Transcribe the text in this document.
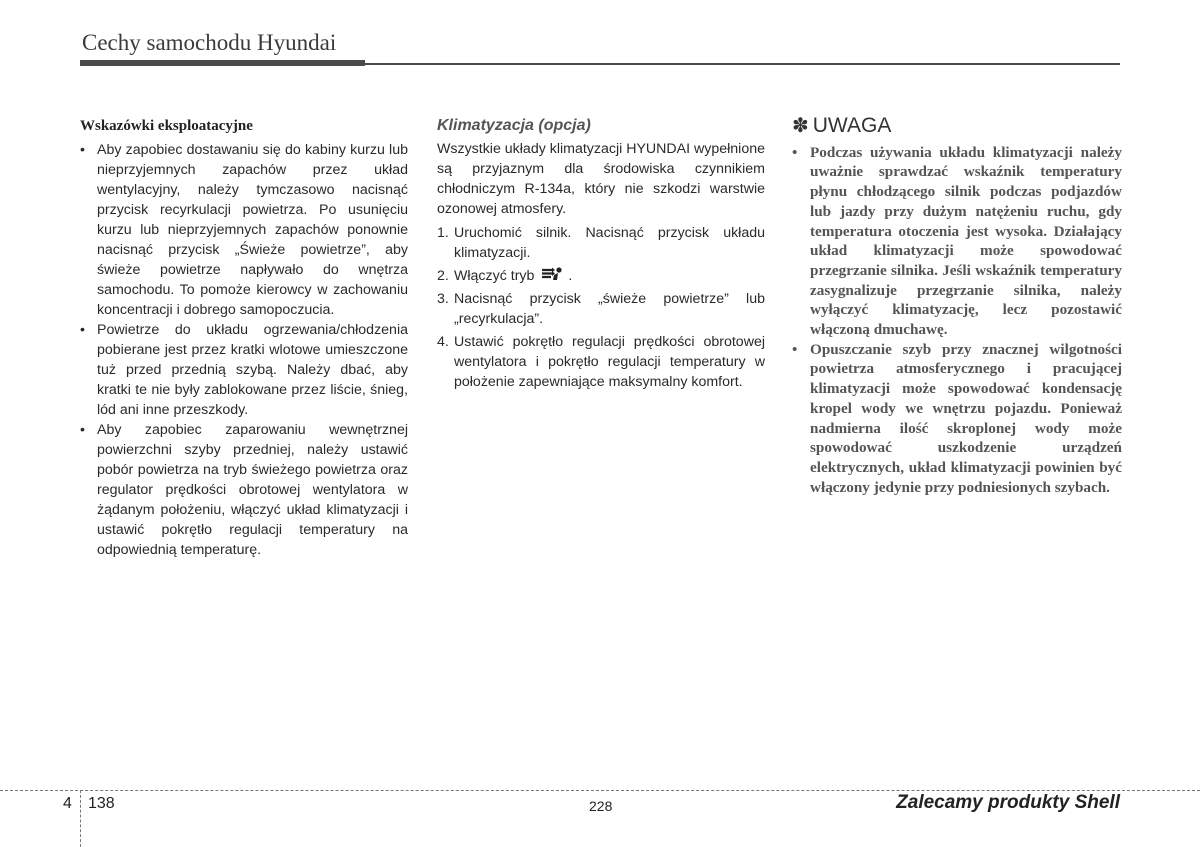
Cechy samochodu Hyundai
Wskazówki eksploatacyjne
• Aby zapobiec dostawaniu się do kabiny kurzu lub nieprzyjemnych zapachów przez układ wentylacyjny, należy tymczasowo nacisnąć przycisk recyrkulacji powietrza. Po usunięciu kurzu lub nieprzyjemnych zapachów ponownie nacisnąć przycisk „Świeże powietrze”, aby świeże powietrze napływało do wnętrza samochodu. To pomoże kierowcy w zachowaniu koncentracji i dobrego samopoczucia.
• Powietrze do układu ogrzewania/chłodzenia pobierane jest przez kratki wlotowe umieszczone tuż przed przednią szybą. Należy dbać, aby kratki te nie były zablokowane przez liście, śnieg, lód ani inne przeszkody.
• Aby zapobiec zaparowaniu wewnętrznej powierzchni szyby przedniej, należy ustawić pobór powietrza na tryb świeżego powietrza oraz regulator prędkości obrotowej wentylatora w żądanym położeniu, włączyć układ klimatyzacji i ustawić pokrętło regulacji temperatury na odpowiednią temperaturę.
Klimatyzacja (opcja)

Wszystkie układy klimatyzacji HYUNDAI wypełnione są przyjaznym dla środowiska czynnikiem chłodniczym R-134a, który nie szkodzi warstwie ozonowej atmosfery.

1. Uruchomić silnik. Nacisnąć przycisk układu klimatyzacji.
2. Włączyć tryb .
3. Nacisnąć przycisk „świeże powietrze” lub „recyrkulacja”.
4. Ustawić pokrętło regulacji prędkości obrotowej wentylatora i pokrętło regulacji temperatury w położenie zapewniające maksymalny komfort.
✽ UWAGA
• Podczas używania układu klimatyzacji należy uważnie sprawdzać wskaźnik temperatury płynu chłodzącego silnik podczas podjazdów lub jazdy przy dużym natężeniu ruchu, gdy temperatura otoczenia jest wysoka. Działający układ klimatyzacji może spowodować przegrzanie silnika. Jeśli wskaźnik temperatury zasygnalizuje przegrzanie silnika, należy wyłączyć klimatyzację, lecz pozostawić włączoną dmuchawę.
• Opuszczanie szyb przy znacznej wilgotności powietrza atmosferycznego i pracującej klimatyzacji może spowodować kondensację kropel wody we wnętrzu pojazdu. Ponieważ nadmierna ilość skroplonej wody może spowodować uszkodzenie urządzeń elektrycznych, układ klimatyzacji powinien być włączony jedynie przy podniesionych szybach.
4 138	228	Zalecamy produkty Shell
